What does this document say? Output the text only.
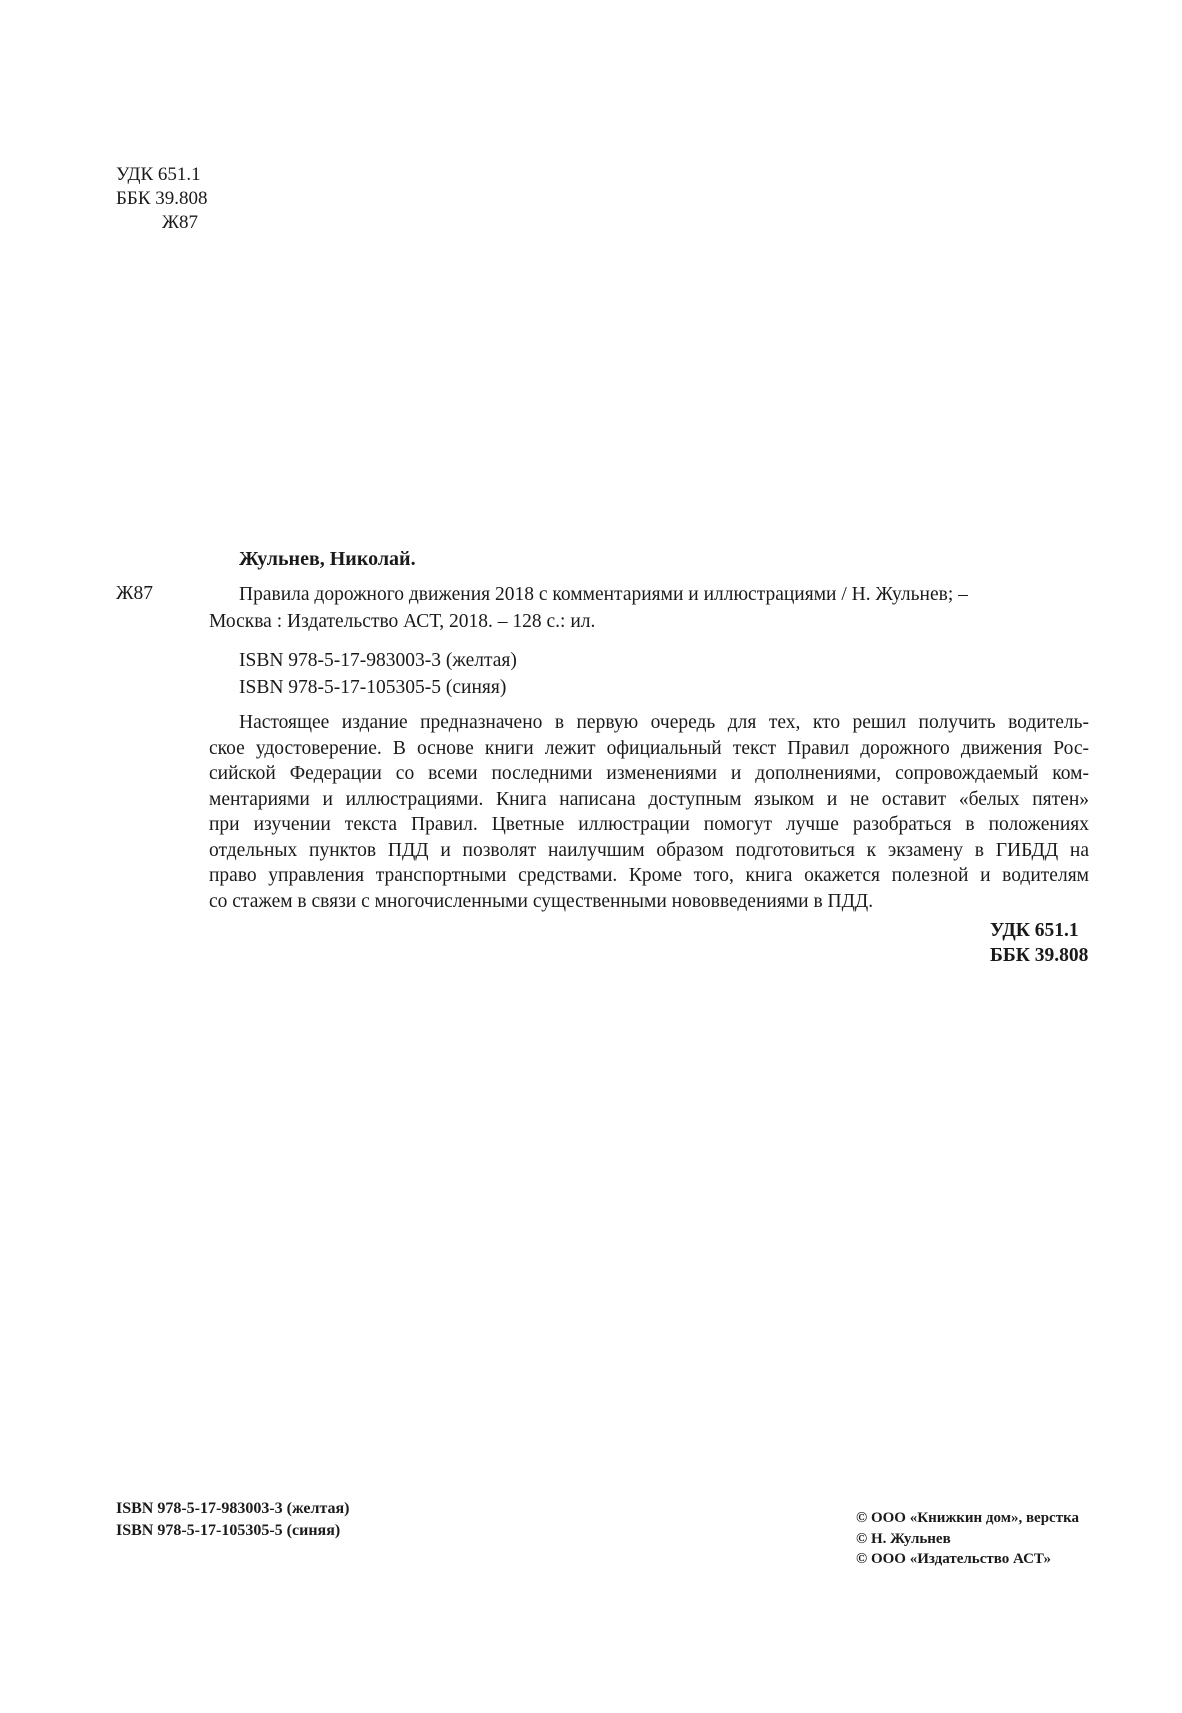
УДК 651.1
ББК 39.808
Ж87
Жульнев, Николай.
Ж87	Правила дорожного движения 2018 с комментариями и иллюстрациями / Н. Жульнев; –
Москва : Издательство АСТ, 2018. – 128 с.: ил.
ISBN 978-5-17-983003-3 (желтая)
ISBN 978-5-17-105305-5 (синяя)
Настоящее издание предназначено в первую очередь для тех, кто решил получить водитель-
ское удостоверение. В основе книги лежит официальный текст Правил дорожного движения Рос-
сийской Федерации со всеми последними изменениями и дополнениями, сопровождаемый ком-
ментариями и иллюстрациями. Книга написана доступным языком и не оставит «белых пятен»
при изучении текста Правил. Цветные иллюстрации помогут лучше разобраться в положениях
отдельных пунктов ПДД и позволят наилучшим образом подготовиться к экзамену в ГИБДД на
право управления транспортными средствами. Кроме того, книга окажется полезной и водителям
со стажем в связи с многочисленными существенными нововведениями в ПДД.
УДК 651.1
ББК 39.808
ISBN 978-5-17-983003-3 (желтая)
ISBN 978-5-17-105305-5 (синяя)
© ООО «Книжкин дом», верстка
© Н. Жульнев
© ООО «Издательство АСТ»
